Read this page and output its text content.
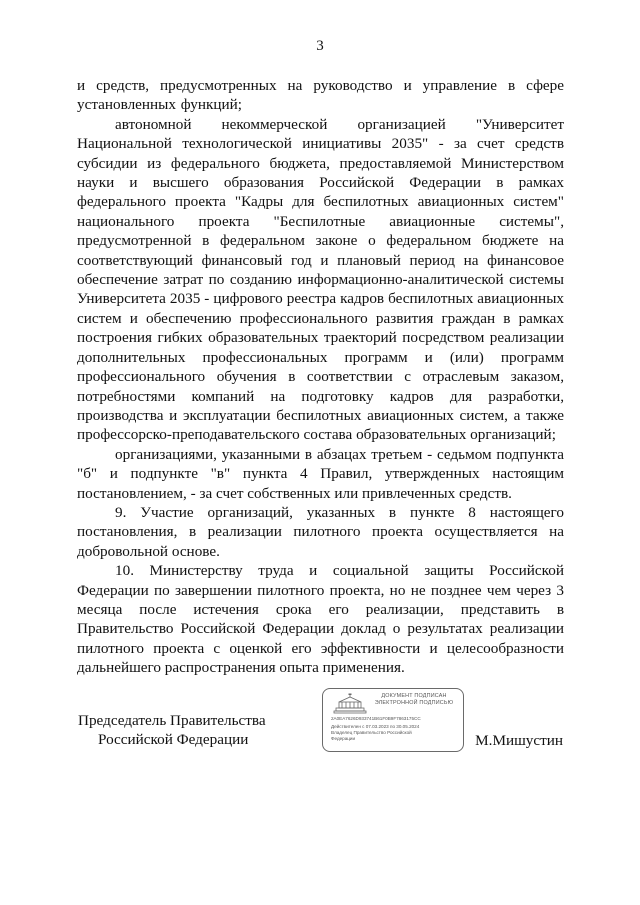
3

и средств, предусмотренных на руководство и управление в сфере установленных функций;

автономной некоммерческой организацией "Университет Национальной технологической инициативы 2035" - за счет средств субсидии из федерального бюджета, предоставляемой Министерством науки и высшего образования Российской Федерации в рамках федерального проекта "Кадры для беспилотных авиационных систем" национального проекта "Беспилотные авиационные системы", предусмотренной в федеральном законе о федеральном бюджете на соответствующий финансовый год и плановый период на финансовое обеспечение затрат по созданию информационно-аналитической системы Университета 2035 - цифрового реестра кадров беспилотных авиационных систем и обеспечению профессионального развития граждан в рамках построения гибких образовательных траекторий посредством реализации дополнительных профессиональных программ и (или) программ профессионального обучения в соответствии с отраслевым заказом, потребностями компаний на подготовку кадров для разработки, производства и эксплуатации беспилотных авиационных систем, а также профессорско-преподавательского состава образовательных организаций;

организациями, указанными в абзацах третьем - седьмом подпункта "б" и подпункте "в" пункта 4 Правил, утвержденных настоящим постановлением, - за счет собственных или привлеченных средств.

9. Участие организаций, указанных в пункте 8 настоящего постановления, в реализации пилотного проекта осуществляется на добровольной основе.

10. Министерству труда и социальной защиты Российской Федерации по завершении пилотного проекта, но не позднее чем через 3 месяца после истечения срока его реализации, представить в Правительство Российской Федерации доклад о результатах реализации пилотного проекта с оценкой его эффективности и целесообразности дальнейшего распространения опыта применения.

Председатель Правительства
Российской Федерации
ДОКУМЕНТ ПОДПИСАН
ЭЛЕКТРОННОЙ ПОДПИСЬЮ
2A0EA7626D933741B61F0B9F7863175CC
Действителен с 07.03.2023 по 30.05.2024
Владелец Правительство Российской
Федерации	М.Мишустин
